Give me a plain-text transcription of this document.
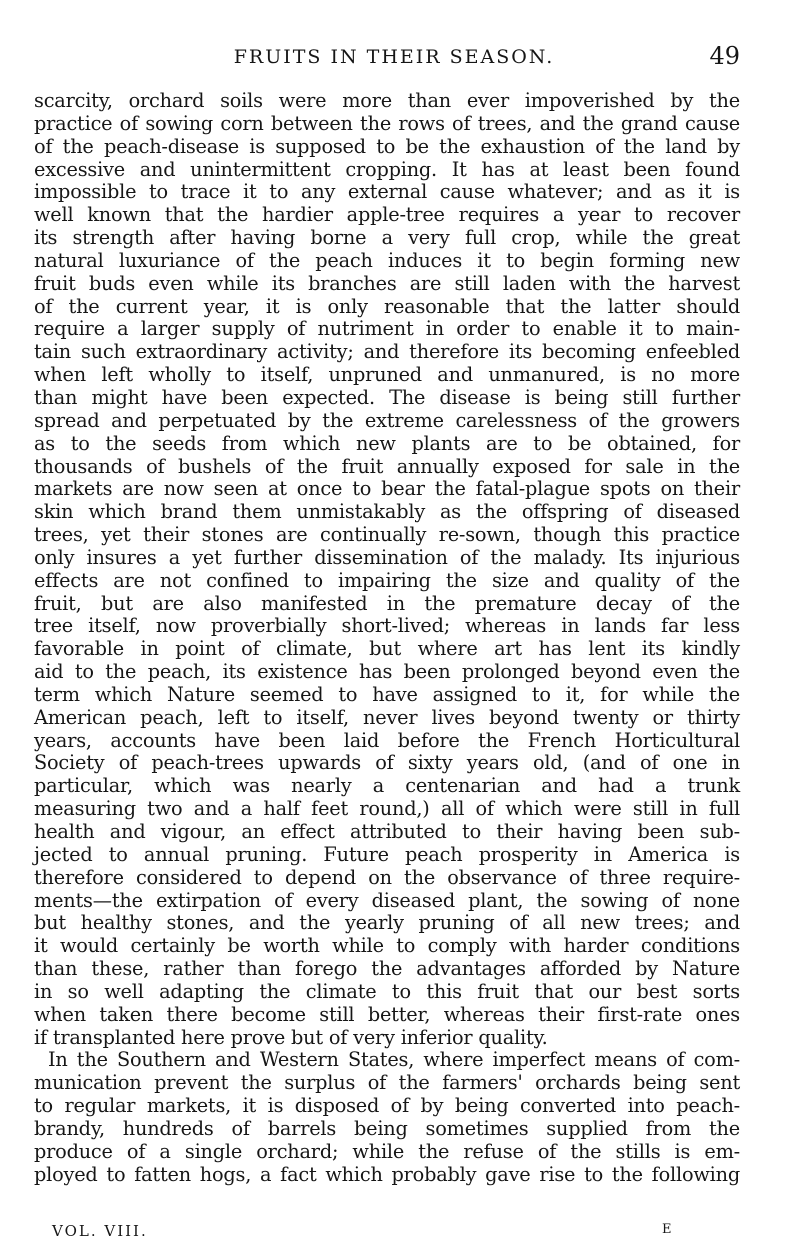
FRUITS IN THEIR SEASON.	49
scarcity, orchard soils were more than ever impoverished by the
practice of sowing corn between the rows of trees, and the grand cause
of the peach-disease is supposed to be the exhaustion of the land by
excessive and unintermittent cropping. It has at least been found
impossible to trace it to any external cause whatever; and as it is
well known that the hardier apple-tree requires a year to recover
its strength after having borne a very full crop, while the great
natural luxuriance of the peach induces it to begin forming new
fruit buds even while its branches are still laden with the harvest
of the current year, it is only reasonable that the latter should
require a larger supply of nutriment in order to enable it to main-
tain such extraordinary activity; and therefore its becoming enfeebled
when left wholly to itself, unpruned and unmanured, is no more
than might have been expected. The disease is being still further
spread and perpetuated by the extreme carelessness of the growers
as to the seeds from which new plants are to be obtained, for
thousands of bushels of the fruit annually exposed for sale in the
markets are now seen at once to bear the fatal-plague spots on their
skin which brand them unmistakably as the offspring of diseased
trees, yet their stones are continually re-sown, though this practice
only insures a yet further dissemination of the malady. Its injurious
effects are not confined to impairing the size and quality of the
fruit, but are also manifested in the premature decay of the
tree itself, now proverbially short-lived; whereas in lands far less
favorable in point of climate, but where art has lent its kindly
aid to the peach, its existence has been prolonged beyond even the
term which Nature seemed to have assigned to it, for while the
American peach, left to itself, never lives beyond twenty or thirty
years, accounts have been laid before the French Horticultural
Society of peach-trees upwards of sixty years old, (and of one in
particular, which was nearly a centenarian and had a trunk
measuring two and a half feet round,) all of which were still in full
health and vigour, an effect attributed to their having been sub-
jected to annual pruning. Future peach prosperity in America is
therefore considered to depend on the observance of three require-
ments—the extirpation of every diseased plant, the sowing of none
but healthy stones, and the yearly pruning of all new trees; and
it would certainly be worth while to comply with harder conditions
than these, rather than forego the advantages afforded by Nature
in so well adapting the climate to this fruit that our best sorts
when taken there become still better, whereas their first-rate ones
if transplanted here prove but of very inferior quality.
In the Southern and Western States, where imperfect means of com-
munication prevent the surplus of the farmers' orchards being sent
to regular markets, it is disposed of by being converted into peach-
brandy, hundreds of barrels being sometimes supplied from the
produce of a single orchard; while the refuse of the stills is em-
ployed to fatten hogs, a fact which probably gave rise to the following
VOL. VIII.	E
